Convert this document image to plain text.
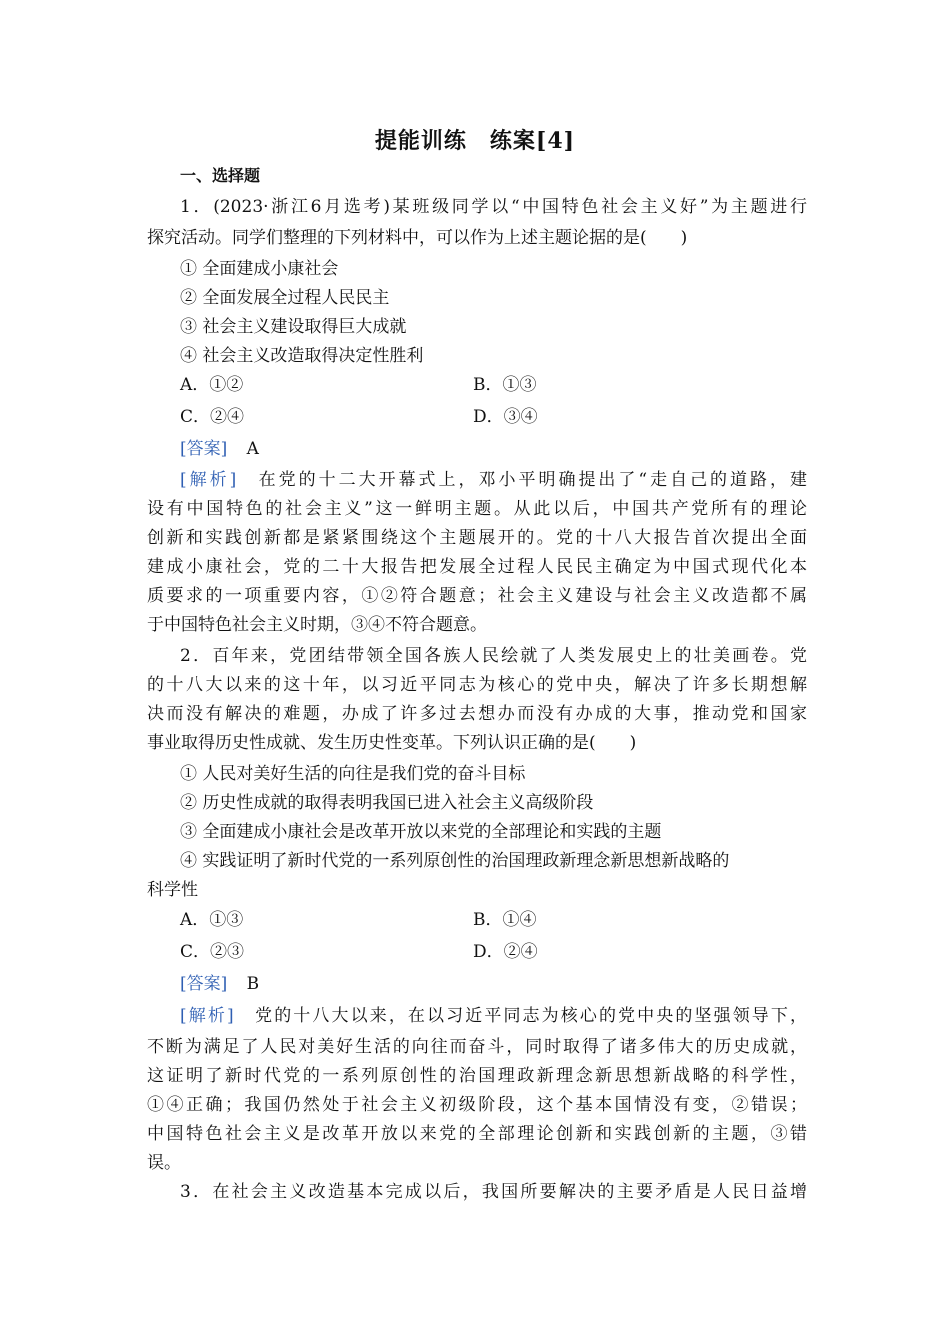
提能训练　练案[4]
一、选择题
1．(2023·浙江6月选考)某班级同学以“中国特色社会主义好”为主题进行
探究活动。同学们整理的下列材料中，可以作为上述主题论据的是(　　)
① 全面建成小康社会
② 全面发展全过程人民民主
③ 社会主义建设取得巨大成就
④ 社会主义改造取得决定性胜利
A．①②	B．①③
C．②④	D．③④
[答案] A
[解析] 在党的十二大开幕式上，邓小平明确提出了“走自己的道路，建
设有中国特色的社会主义”这一鲜明主题。从此以后，中国共产党所有的理论
创新和实践创新都是紧紧围绕这个主题展开的。党的十八大报告首次提出全面
建成小康社会，党的二十大报告把发展全过程人民民主确定为中国式现代化本
质要求的一项重要内容，①②符合题意；社会主义建设与社会主义改造都不属
于中国特色社会主义时期，③④不符合题意。
2．百年来，党团结带领全国各族人民绘就了人类发展史上的壮美画卷。党
的十八大以来的这十年，以习近平同志为核心的党中央，解决了许多长期想解
决而没有解决的难题，办成了许多过去想办而没有办成的大事，推动党和国家
事业取得历史性成就、发生历史性变革。下列认识正确的是(　　)
① 人民对美好生活的向往是我们党的奋斗目标
② 历史性成就的取得表明我国已进入社会主义高级阶段
③ 全面建成小康社会是改革开放以来党的全部理论和实践的主题
④ 实践证明了新时代党的一系列原创性的治国理政新理念新思想新战略的
科学性
A．①③	B．①④
C．②③	D．②④
[答案] B
[解析] 党的十八大以来，在以习近平同志为核心的党中央的坚强领导下，
不断为满足了人民对美好生活的向往而奋斗，同时取得了诸多伟大的历史成就，
这证明了新时代党的一系列原创性的治国理政新理念新思想新战略的科学性，
①④正确；我国仍然处于社会主义初级阶段，这个基本国情没有变，②错误；
中国特色社会主义是改革开放以来党的全部理论创新和实践创新的主题，③错
误。
3．在社会主义改造基本完成以后，我国所要解决的主要矛盾是人民日益增
